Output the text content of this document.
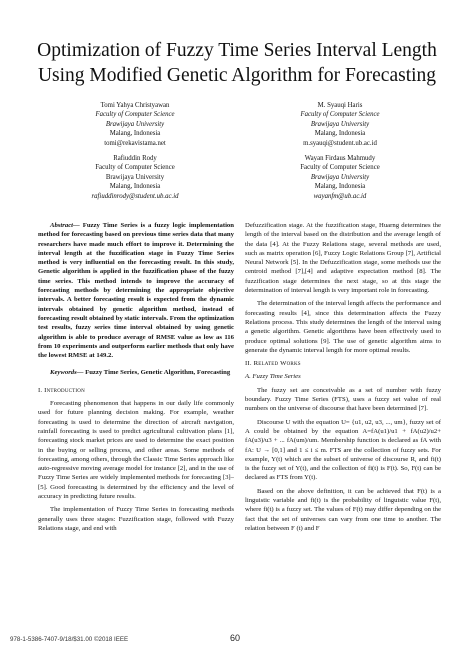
Optimization of Fuzzy Time Series Interval Length
Using Modified Genetic Algorithm for Forecasting
Tomi Yahya Christyawan
Faculty of Computer Science
Brawijaya University
Malang, Indonesia
tomi@rekavistama.net
M. Syauqi Haris
Faculty of Computer Science
Brawijaya University
Malang, Indonesia
m.syauqi@student.ub.ac.id
Rafiuddin Rody
Faculty of Computer Science
Brawijaya University
Malang, Indonesia
rafiuddinrody@student.ub.ac.id
Wayan Firdaus Mahmudy
Faculty of Computer Science
Brawijaya University
Malang, Indonesia
wayanfm@ub.ac.id

Abstract— Fuzzy Time Series is a fuzzy logic implementation method for forecasting based on previous time series data that many researchers have made much effort to improve it. Determining the interval length at the fuzzification stage in Fuzzy Time Series method is very influential on the forecasting result. In this study, Genetic algorithm is applied in the fuzzification phase of the fuzzy time series. This method intends to improve the accuracy of forecasting methods by determining the appropriate objective intervals. A better forecasting result is expected from the dynamic intervals obtained by genetic algorithm method, instead of forecasting result obtained by static intervals. From the optimization test results, fuzzy series time interval obtained by using genetic algorithm is able to produce average of RMSE value as low as 116 from 10 experiments and outperform earlier methods that only have the lowest RMSE at 149.2.

Keywords— Fuzzy Time Series, Genetic Algorithm, Forecasting

I. Introduction

Forecasting phenomenon that happens in our daily life commonly used for future planning decision making. For example, weather forecasting is used to determine the direction of aircraft navigation, rainfall forecasting is used to predict agricultural cultivation plans [1], forecasting stock market prices are used to determine the exact position in the buying or selling process, and other areas. Some methods of forecasting, among others, through the Classic Time Series approach like auto-regressive moving average model for instance [2], and in the use of Fuzzy Time Series are widely implemented methods for forecasting [3]–[5]. Good forecasting is determined by the efficiency and the level of accuracy in predicting future results.

The implementation of Fuzzy Time Series in forecasting methods generally uses three stages: Fuzzification stage, followed with Fuzzy Relations stage, and end with

Defuzzification stage. At the fuzzification stage, Huarng determines the length of the interval based on the distribution and the average length of the data [4]. At the Fuzzy Relations stage, several methods are used, such as matrix operation [6], Fuzzy Logic Relations Group [7], Artificial Neural Network [5]. In the Defuzzification stage, some methods use the centroid method [7],[4] and adaptive expectation method [8]. The fuzzification stage determines the next stage, so at this stage the determination of interval length is very important role in forecasting.

The determination of the interval length affects the performance and forecasting results [4], since this determination affects the Fuzzy Relations process. This study determines the length of the interval using a genetic algorithm. Genetic algorithms have been effectively used to produce optimal solutions [9]. The use of genetic algorithm aims to generate the dynamic interval length for more optimal results.

II. Related Works

A. Fuzzy Time Series

The fuzzy set are conceivable as a set of number with fuzzy boundary. Fuzzy Time Series (FTS), uses a fuzzy set value of real numbers on the universe of discourse that have been determined [7].

Discourse U with the equation U= {u1, u2, u3, ..., um}, fuzzy set of A could be obtained by the equation A=fA(u1)/u1 + fA(u2)/u2+ fA(u3)/u3 + ... fA(um)/um. Membership function is declared as fA with fA: U → [0,1] and 1 ≤ i ≤ m. FTS are the collection of fuzzy sets. For example, Y(t) which are the subset of universe of discourse R, and fi(t) is the fuzzy set of Y(t), and the collection of fi(t) is F(t). So, F(t) can be declared as FTS from Y(t).

Based on the above definition, it can be achieved that F(t) is a linguistic variable and fi(t) is the probability of linguistic value F(t), where fi(t) is a fuzzy set. The values of F(t) may differ depending on the fact that the set of universes can vary from one time to another. The relation between F (t) and F

978-1-5386-7407-9/18/$31.00 ©2018 IEEE	60
